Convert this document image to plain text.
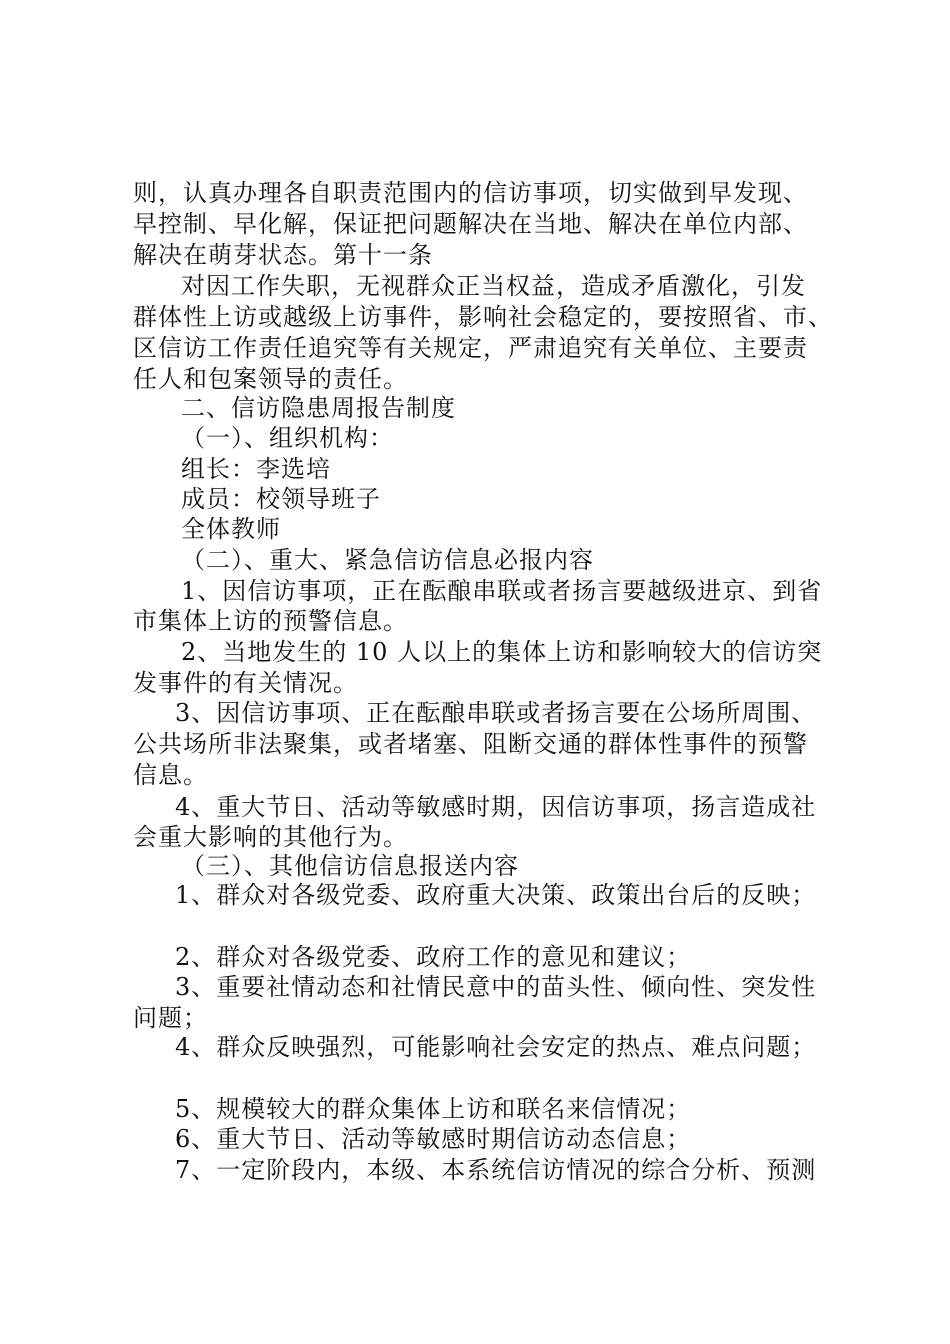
则，认真办理各自职责范围内的信访事项，切实做到早发现、
早控制、早化解，保证把问题解决在当地、解决在单位内部、
解决在萌芽状态。第十一条
对因工作失职，无视群众正当权益，造成矛盾激化，引发
群体性上访或越级上访事件，影响社会稳定的，要按照省、市、
区信访工作责任追究等有关规定，严肃追究有关单位、主要责
任人和包案领导的责任。
二、信访隐患周报告制度
（一）、组织机构：
组长：李选培
成员：校领导班子
全体教师
（二）、重大、紧急信访信息必报内容
1、因信访事项，正在酝酿串联或者扬言要越级进京、到省
市集体上访的预警信息。
2、当地发生的 10 人以上的集体上访和影响较大的信访突
发事件的有关情况。
3、因信访事项、正在酝酿串联或者扬言要在公场所周围、
公共场所非法聚集，或者堵塞、阻断交通的群体性事件的预警
信息。
4、重大节日、活动等敏感时期，因信访事项，扬言造成社
会重大影响的其他行为。
（三）、其他信访信息报送内容
1、群众对各级党委、政府重大决策、政策出台后的反映；
2、群众对各级党委、政府工作的意见和建议；
3、重要社情动态和社情民意中的苗头性、倾向性、突发性
问题；
4、群众反映强烈，可能影响社会安定的热点、难点问题；
5、规模较大的群众集体上访和联名来信情况；
6、重大节日、活动等敏感时期信访动态信息；
7、一定阶段内，本级、本系统信访情况的综合分析、预测
